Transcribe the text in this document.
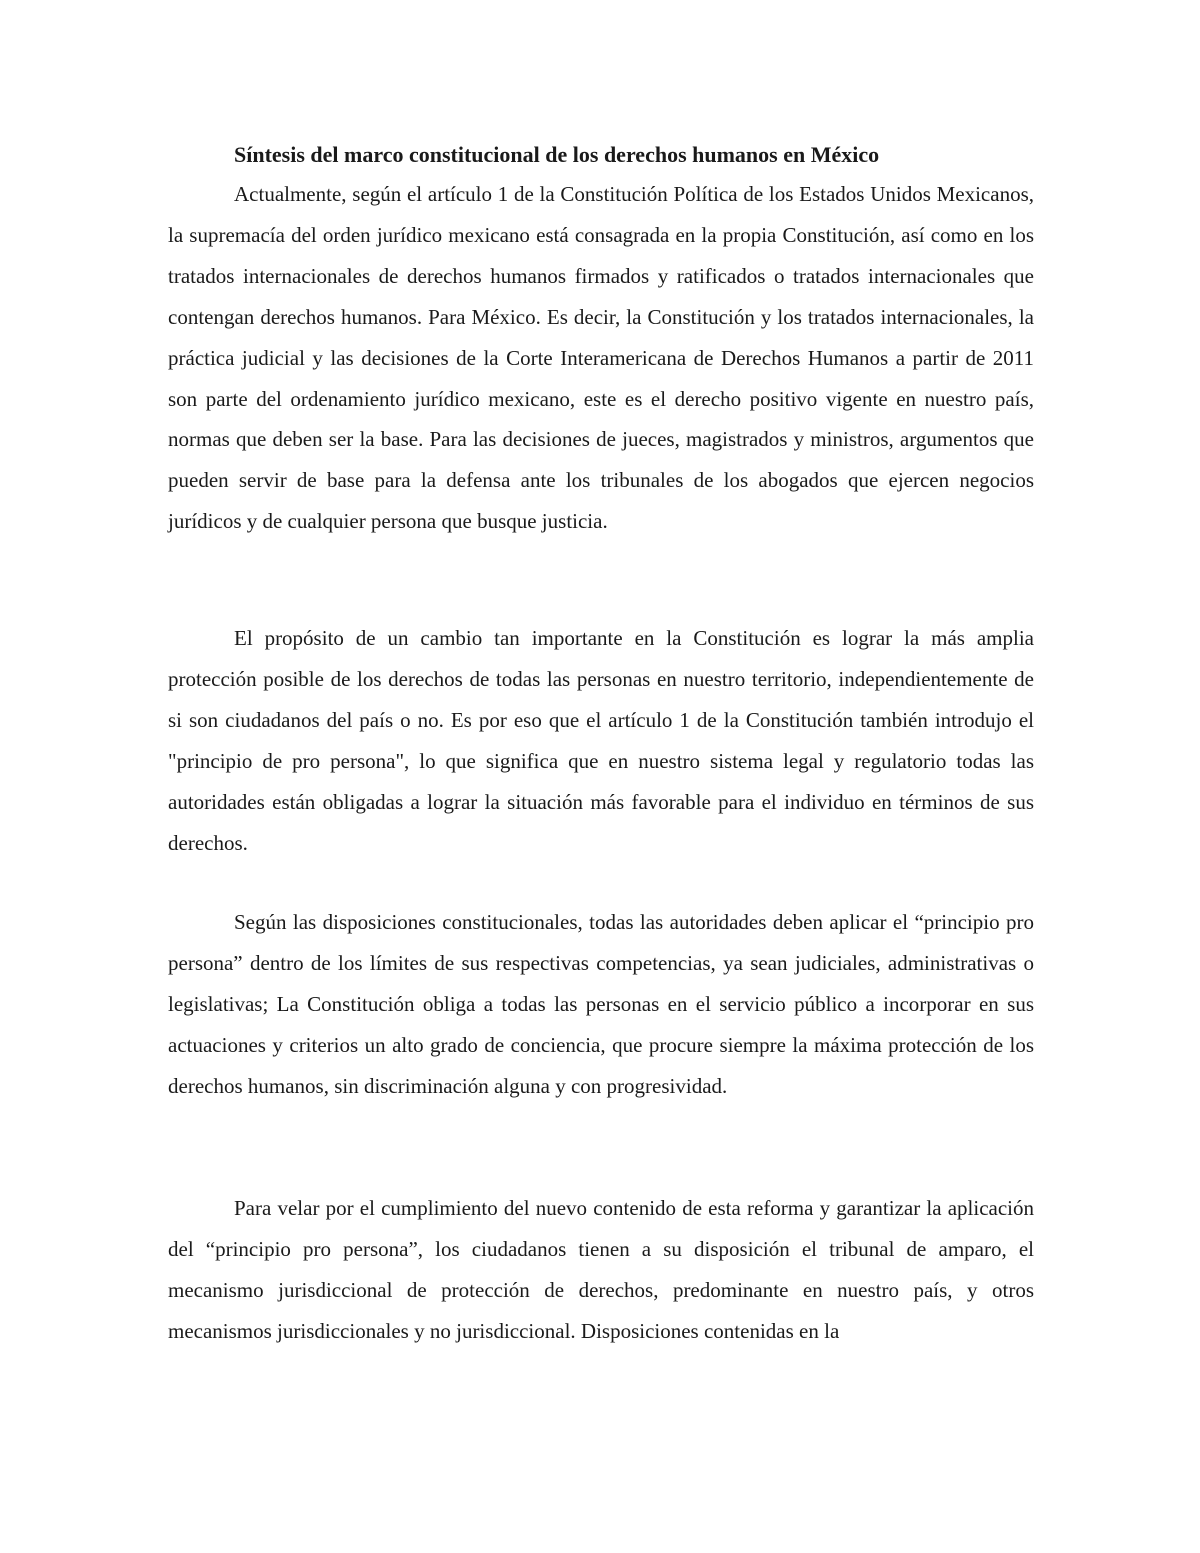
Síntesis del marco constitucional de los derechos humanos en México

Actualmente, según el artículo 1 de la Constitución Política de los Estados Unidos Mexicanos, la supremacía del orden jurídico mexicano está consagrada en la propia Constitución, así como en los tratados internacionales de derechos humanos firmados y ratificados o tratados internacionales que contengan derechos humanos. Para México. Es decir, la Constitución y los tratados internacionales, la práctica judicial y las decisiones de la Corte Interamericana de Derechos Humanos a partir de 2011 son parte del ordenamiento jurídico mexicano, este es el derecho positivo vigente en nuestro país, normas que deben ser la base. Para las decisiones de jueces, magistrados y ministros, argumentos que pueden servir de base para la defensa ante los tribunales de los abogados que ejercen negocios jurídicos y de cualquier persona que busque justicia.

El propósito de un cambio tan importante en la Constitución es lograr la más amplia protección posible de los derechos de todas las personas en nuestro territorio, independientemente de si son ciudadanos del país o no. Es por eso que el artículo 1 de la Constitución también introdujo el "principio de pro persona", lo que significa que en nuestro sistema legal y regulatorio todas las autoridades están obligadas a lograr la situación más favorable para el individuo en términos de sus derechos.

Según las disposiciones constitucionales, todas las autoridades deben aplicar el “principio pro persona” dentro de los límites de sus respectivas competencias, ya sean judiciales, administrativas o legislativas; La Constitución obliga a todas las personas en el servicio público a incorporar en sus actuaciones y criterios un alto grado de conciencia, que procure siempre la máxima protección de los derechos humanos, sin discriminación alguna y con progresividad.

Para velar por el cumplimiento del nuevo contenido de esta reforma y garantizar la aplicación del “principio pro persona”, los ciudadanos tienen a su disposición el tribunal de amparo, el mecanismo jurisdiccional de protección de derechos, predominante en nuestro país, y otros mecanismos jurisdiccionales y no jurisdiccional. Disposiciones contenidas en la
